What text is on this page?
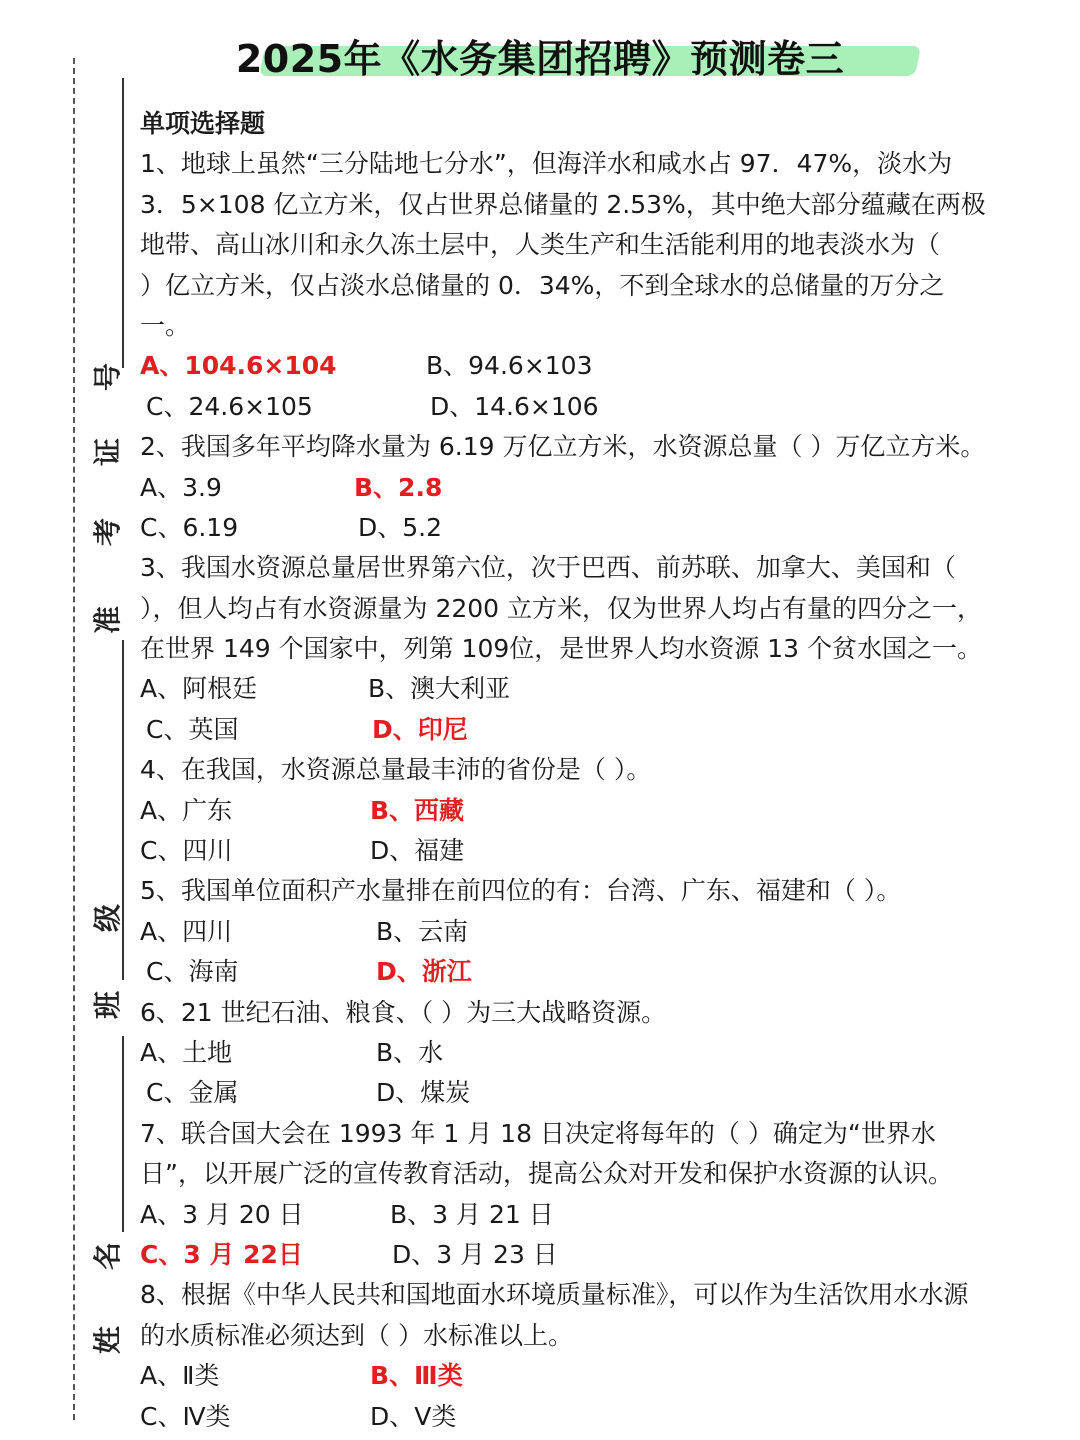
2025年《水务集团招聘》预测卷三
号
证
考
准
级
班
名
姓
单项选择题
1、地球上虽然“三分陆地七分水”，但海洋水和咸水占 97．47%，淡水为
3．5×108 亿立方米，仅占世界总储量的 2.53%，其中绝大部分蕴藏在两极
地带、高山冰川和永久冻土层中，人类生产和生活能利用的地表淡水为（
）亿立方米，仅占淡水总储量的 0．34%，不到全球水的总储量的万分之
一。
A、104.6×104	B、94.6×103
C、24.6×105	D、14.6×106
2、我国多年平均降水量为 6.19 万亿立方米，水资源总量（ ）万亿立方米。
A、3.9	B、2.8
C、6.19	D、5.2
3、我国水资源总量居世界第六位，次于巴西、前苏联、加拿大、美国和（
），但人均占有水资源量为 2200 立方米，仅为世界人均占有量的四分之一，
在世界 149 个国家中，列第 109位，是世界人均水资源 13 个贫水国之一。
A、阿根廷	B、澳大利亚
C、英国	D、印尼
4、在我国，水资源总量最丰沛的省份是（ ）。
A、广东	B、西藏
C、四川	D、福建
5、我国单位面积产水量排在前四位的有：台湾、广东、福建和（ ）。
A、四川	B、云南
C、海南	D、浙江
6、21 世纪石油、粮食、（ ）为三大战略资源。
A、土地	B、水
C、金属	D、煤炭
7、联合国大会在 1993 年 1 月 18 日决定将每年的（ ）确定为“世界水
日”，以开展广泛的宣传教育活动，提高公众对开发和保护水资源的认识。
A、3 月 20 日	B、3 月 21 日
C、3 月 22日	D、3 月 23 日
8、根据《中华人民共和国地面水环境质量标准》，可以作为生活饮用水水源
的水质标准必须达到（ ）水标准以上。
A、Ⅱ类	B、Ⅲ类
C、Ⅳ类	D、Ⅴ类
